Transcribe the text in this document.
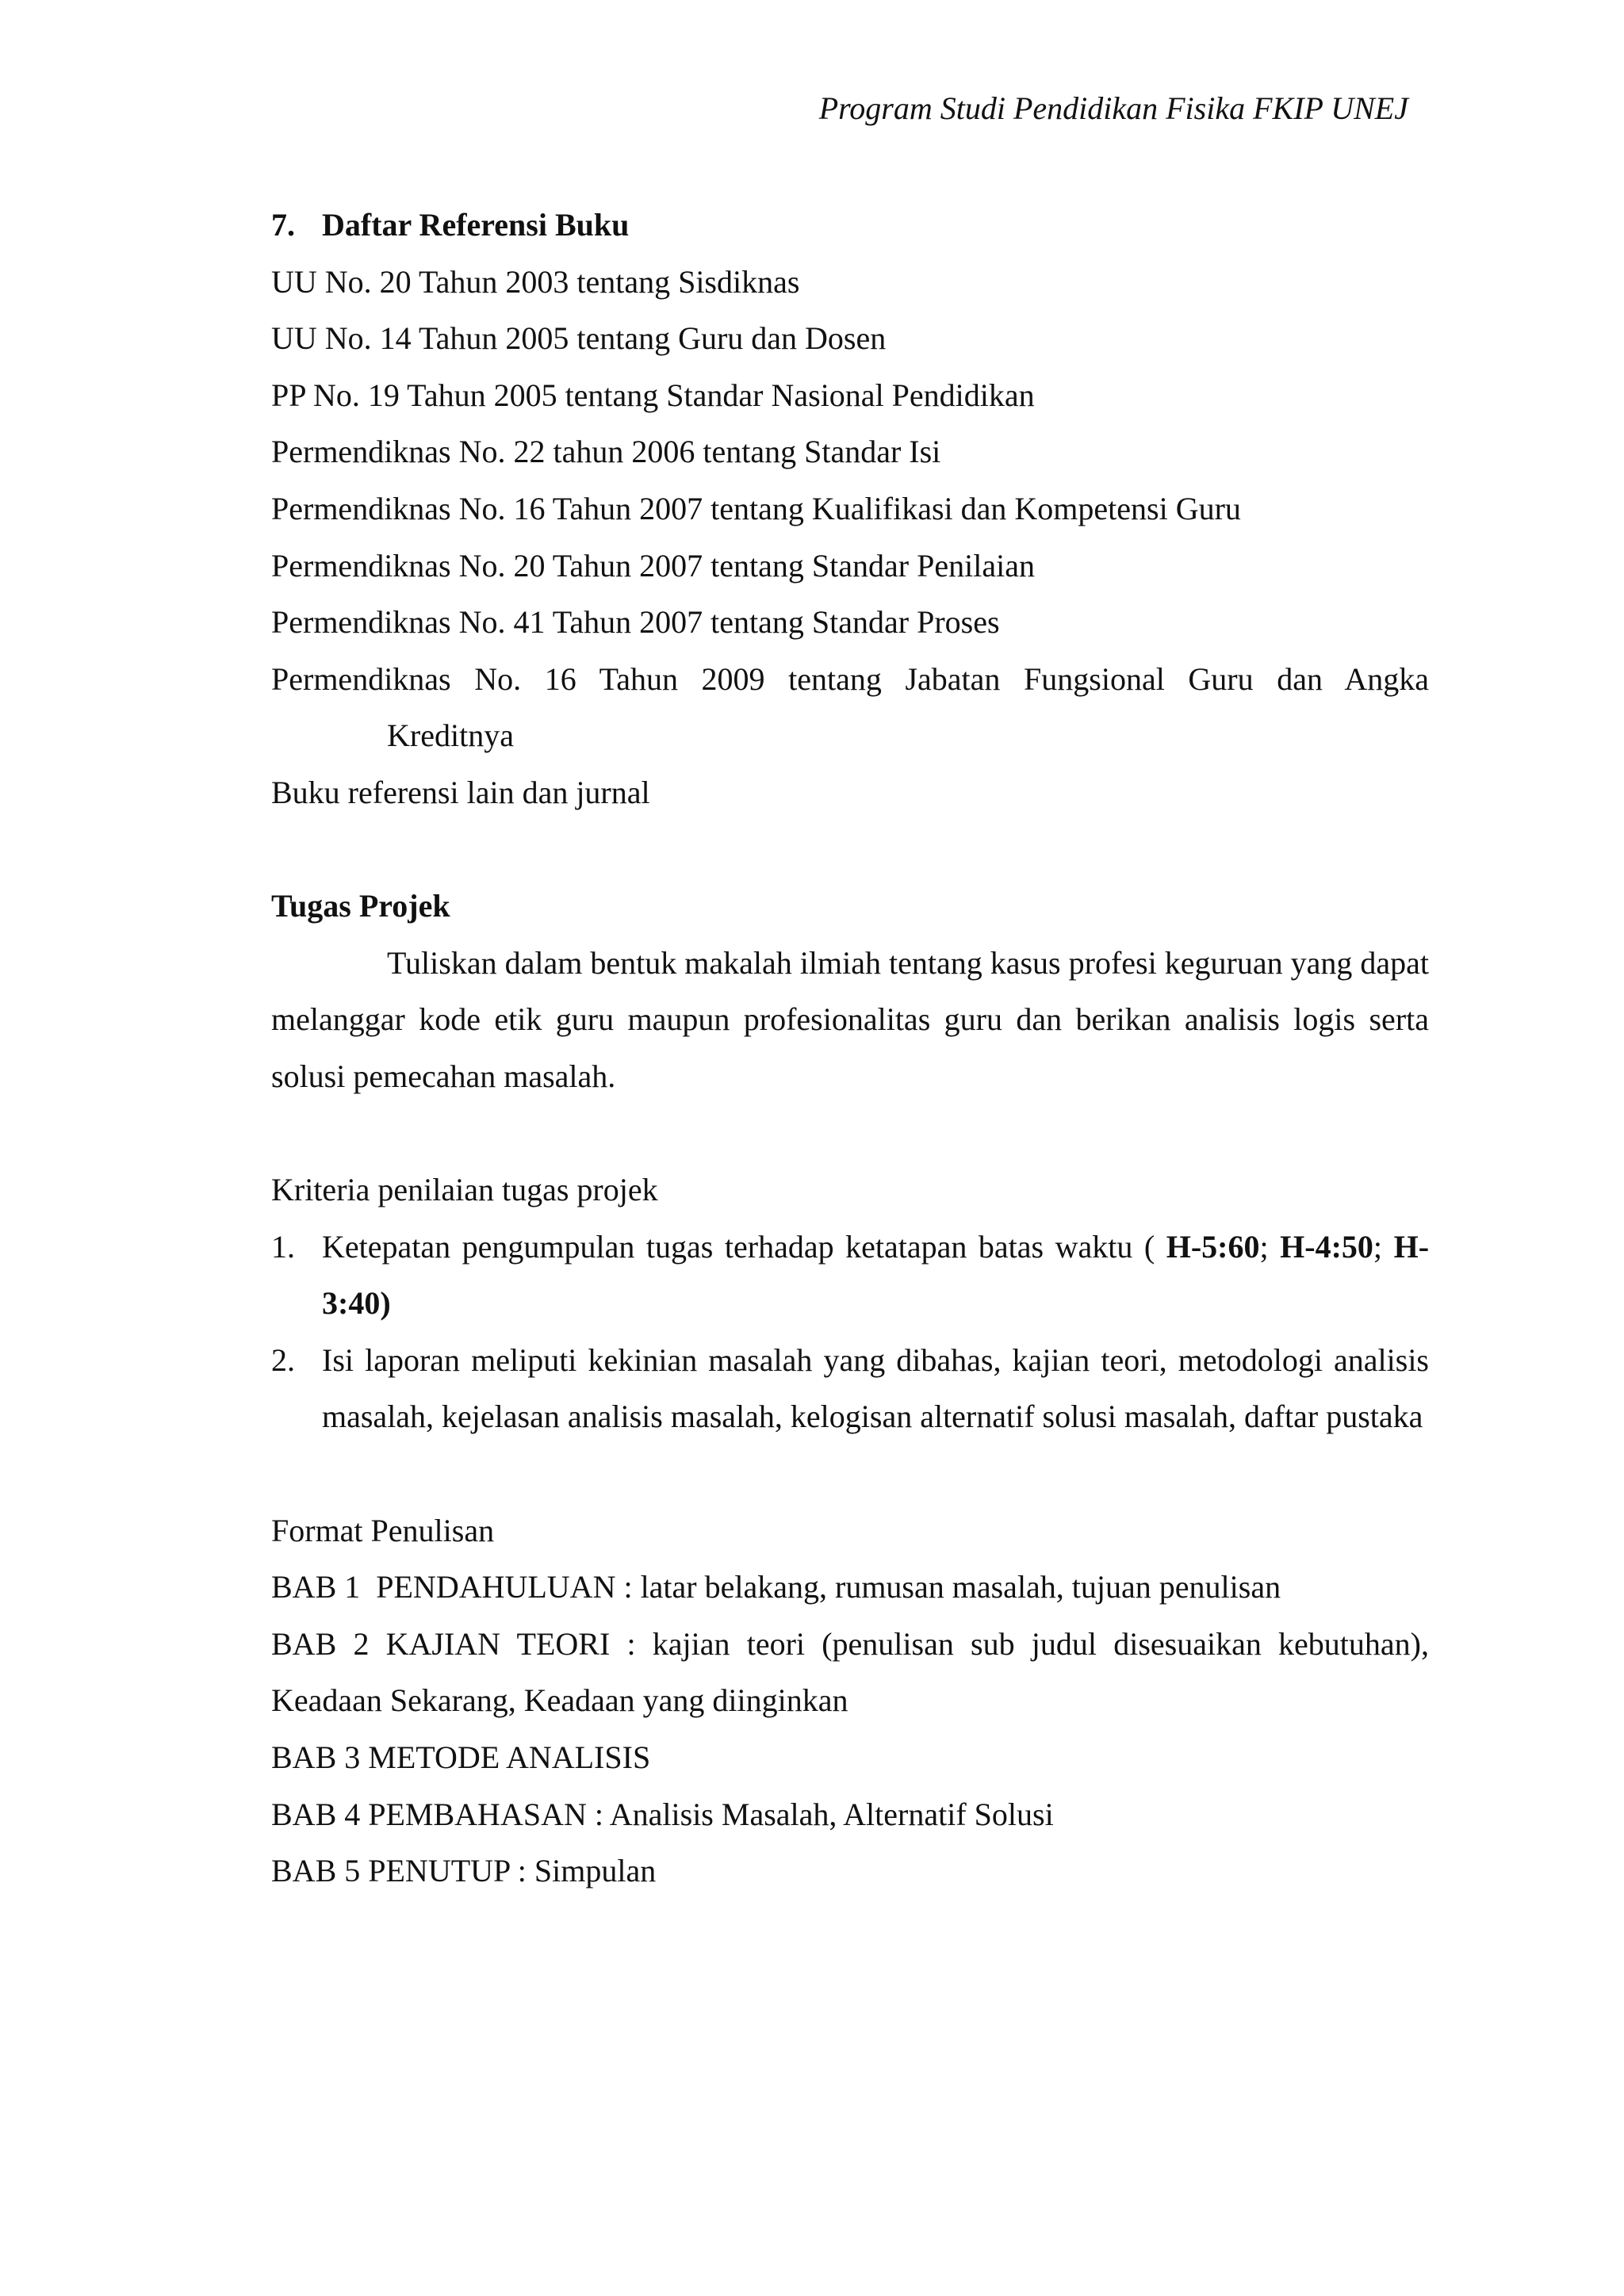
Program Studi Pendidikan Fisika FKIP UNEJ
7. Daftar Referensi Buku
UU No. 20 Tahun 2003 tentang Sisdiknas
UU No. 14 Tahun 2005 tentang Guru dan Dosen
PP No. 19 Tahun 2005 tentang Standar Nasional Pendidikan
Permendiknas No. 22 tahun 2006 tentang Standar Isi
Permendiknas No. 16 Tahun 2007 tentang Kualifikasi dan Kompetensi Guru
Permendiknas No. 20 Tahun 2007 tentang Standar Penilaian
Permendiknas No. 41 Tahun 2007 tentang Standar Proses
Permendiknas No. 16 Tahun 2009 tentang Jabatan Fungsional Guru dan Angka
Kreditnya
Buku referensi lain dan jurnal
Tugas Projek
Tuliskan dalam bentuk makalah ilmiah tentang kasus profesi keguruan yang dapat melanggar kode etik guru maupun profesionalitas guru dan berikan analisis logis serta solusi pemecahan masalah.
Kriteria penilaian tugas projek
1. Ketepatan pengumpulan tugas terhadap ketatapan batas waktu ( H-5:60; H-4:50; H-3:40)
2. Isi laporan meliputi kekinian masalah yang dibahas, kajian teori, metodologi analisis masalah, kejelasan analisis masalah, kelogisan alternatif solusi masalah, daftar pustaka
Format Penulisan
BAB 1  PENDAHULUAN : latar belakang, rumusan masalah, tujuan penulisan
BAB 2 KAJIAN TEORI : kajian teori (penulisan sub judul disesuaikan kebutuhan), Keadaan Sekarang, Keadaan yang diinginkan
BAB 3 METODE ANALISIS
BAB 4 PEMBAHASAN : Analisis Masalah, Alternatif Solusi
BAB 5 PENUTUP : Simpulan
